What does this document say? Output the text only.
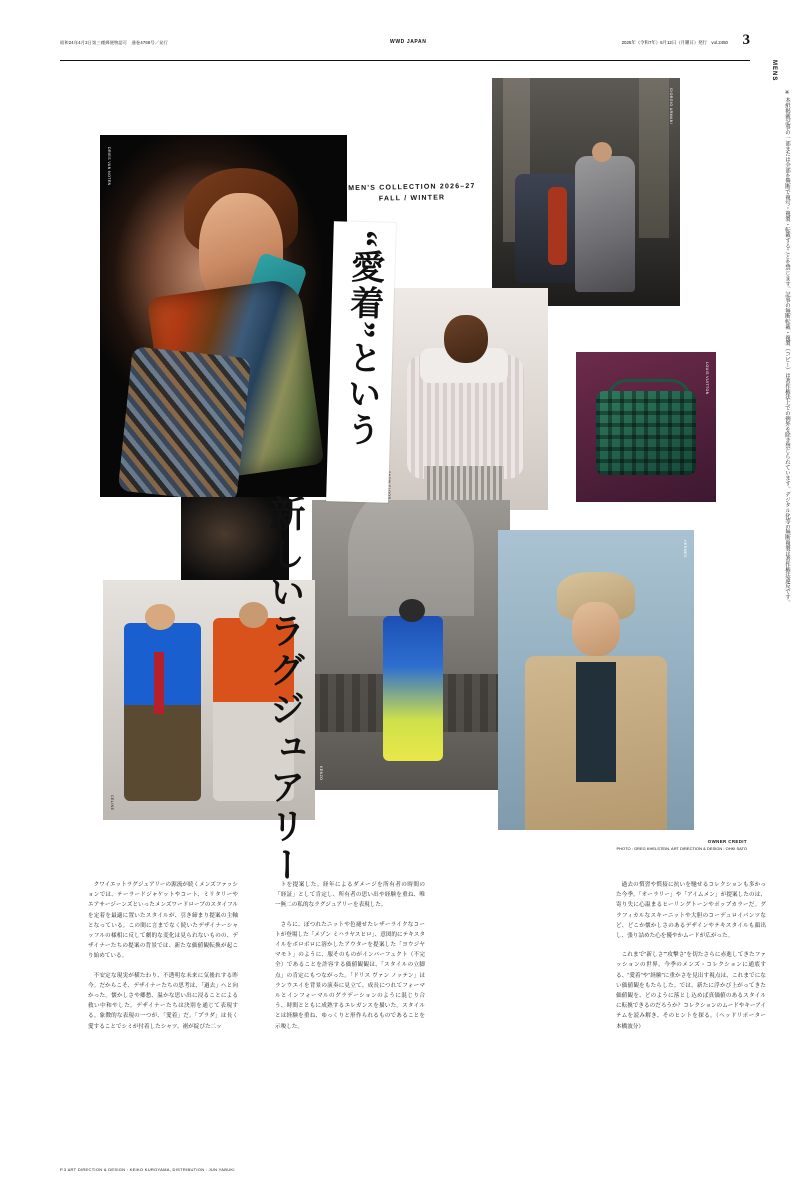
昭和24年4月3日第三種郵便物認可　通巻4768号／発行	WWD JAPAN	2025年（令和7年）5月12日（月曜日）発行　vol.2450 3
MENS
※ 本紙掲載記事の一部または全部を無断で複写・複製・転載することを禁じます。記事の無断転載・複製（コピー）は著作権法上での例外を除き禁じられています。デジタル化等の無断複製は著作権法違反です。
DRIES VAN NOTEN
GIORGIO ARMANI
SHOW FLOOR
LOUIS VUITTON
KENZO
CELINE
HERMES
MEN'S COLLECTION 2026–27
FALL / WINTER
“愛着”という
新しいラグジュアリー	OWNER CREDIT
PHOTO : GREG KHELSTEIN, ART DIRECTION & DESIGN : OHKI SATO

クワイエットラグジュアリーの源流が続くメンズファッションでは、テーラードジャケットやコート、ミリタリーやエアサージーンズといったメンズワードローブのスタイフルを定着を最適に置いたスタイルが、引き締まり提案の主軸となっている。この間に言までなく続いたデザイナーシャッフルの様相に反して劇的な変化は見られないものの、デザイナーたちの提案の背景では、新たな価値観転換が起こり始めている。

不安定な現実が横たわり、不透明な未来に気後れする昨今。だからこそ、デザイナーたちの思考は、「過去」へと向かった。懐かしさや郷愁、温かな思い出に浸ることによる救い中和やした。デザイナーたちは決別を通じて表現する。象徴的な表現の一つが、「愛着」だ。「プラダ」は長く愛することでシミが付着したシャツ、裾が綻びた二ッ

トを提案した。経年によるダメージを所有者の時間の「経証」として肯定し、所有者の思い出や経験を重ね、唯一無二の私的なラグジュアリーを表現した。

さらに、ぼつれたニットや色褪せたレザーライクなコートが登場した「メゾン ミハラヤスヒロ」、意図的にテキスタイルをボロボロに溶かしたアウターを提案した「ヨウジヤマモト」のように、服そのものがインパーフェクト（不完全）であることを許容する価値観観は、「スタイルの立脚点」の肯定にもつながった。「ドリス ヴァン ノッテン」はランウエイを背景の演奏に見立て、成長につれてフォーマルとインフォーマルのグラデーションのように混じり合う、時間とともに成熟するエレガンスを描いた。スタイルとは経験を重ね、ゆっくりと形作られるものであることを示唆した。

過去の慣習や慣接に抗いを馳せるコレクションも多かった今季。「オーラリー」や「アイムメン」が提案したのは、寄り失に心温まるヒーリングトーンやポップカラーだ。グラフィカルなスキーニットや大胆のコーデュロイパンツなど、どこか懐かしさのあるデザインやテキスタイルも顔出し、張り詰めた心を優やかムードが広がった。

これまで“新しさ”“攻撃さ”を切たさらに赤進してきたファッションの世界。今季のメンズ・コレクションに通底する、“愛着”や“経験”に重かさを見出す視点は、これまでにない価値観をもたらした。では、新たに浮かび上がってきた価値観を、どのように落とし込めば真価値のあるスタイルに転換できるのだろうか？コレクションのムードやキーアイテムを読み解き、そのヒントを探る。（ヘッドリポーター　本橋波分）

P.3 ART DIRECTION & DESIGN : KEIKO KUROYAMA, DISTRIBUTION : JUN YABUKI
